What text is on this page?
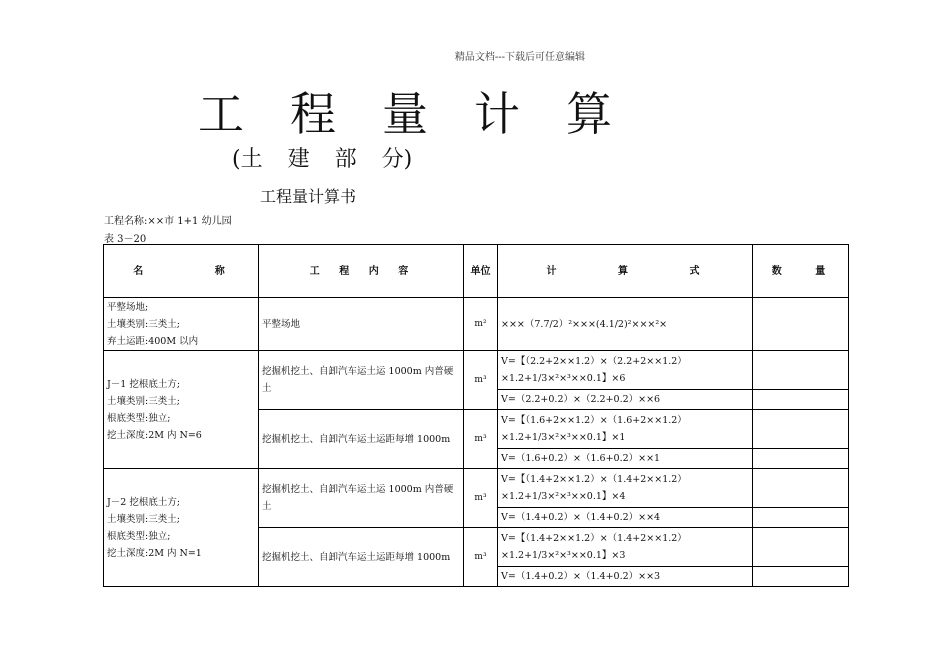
精品文档---下载后可任意编辑
工程量计算
(土 建 部 分)
工程量计算书
工程名称:××市 1+1 幼儿园
表 3－20
名 称	工 程 内 容	单位	计 算 式	数 量

平整场地;
土壤类别:三类土;
弃土运距:400M 以内	平整场地	m²	×××（7.7/2）²×××(4.1/2)²×××²×	

J－1 挖根底土方;
土壤类别:三类土;
根底类型:独立;
挖土深度:2M 内 N=6	挖掘机挖土、自卸汽车运土运 1000m 内普硬土	m³	V=【（2.2+2××1.2）×（2.2+2××1.2）×1.2+1/3×²×³××0.1】×6	
			V=（2.2+0.2）×（2.2+0.2）××6	
	挖掘机挖土、自卸汽车运土运距每增 1000m	m³	V=【（1.6+2××1.2）×（1.6+2××1.2）×1.2+1/3×²×³××0.1】×1	
			V=（1.6+0.2）×（1.6+0.2）××1	

J－2 挖根底土方;
土壤类别:三类土;
根底类型:独立;
挖土深度:2M 内 N=1	挖掘机挖土、自卸汽车运土运 1000m 内普硬土	m³	V=【（1.4+2××1.2）×（1.4+2××1.2）×1.2+1/3×²×³××0.1】×4	
			V=（1.4+0.2）×（1.4+0.2）××4	
	挖掘机挖土、自卸汽车运土运距每增 1000m	m³	V=【（1.4+2××1.2）×（1.4+2××1.2）×1.2+1/3×²×³××0.1】×3	
			V=（1.4+0.2）×（1.4+0.2）××3	
